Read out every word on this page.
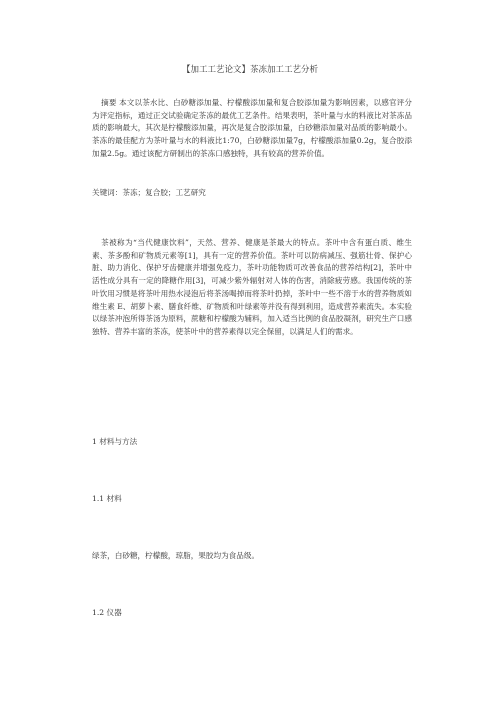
【加工工艺论文】茶冻加工工艺分析

摘要 本文以茶水比、白砂糖添加量、柠檬酸添加量和复合胶添加量为影响因素，以感官评分为评定指标，通过正交试验确定茶冻的最优工艺条件。结果表明，茶叶量与水的料液比对茶冻品质的影响最大，其次是柠檬酸添加量，再次是复合胶添加量，白砂糖添加量对品质的影响最小。茶冻的最佳配方为茶叶量与水的料液比1:70，白砂糖添加量7g，柠檬酸添加量0.2g，复合胶添加量2.5g。通过该配方研制出的茶冻口感独特，具有较高的营养价值。

关键词：茶冻；复合胶；工艺研究

茶被称为“当代健康饮料”，天然、营养、健康是茶最大的特点。茶叶中含有蛋白质、维生素、茶多酚和矿物质元素等[1]，具有一定的营养价值。茶叶可以防病减压、强筋壮骨、保护心脏、助力消化、保护牙齿健康并增强免疫力，茶叶功能物质可改善食品的营养结构[2]，茶叶中活性成分具有一定的降糖作用[3]，可减少紫外辐射对人体的伤害，消除疲劳感。我国传统的茶叶饮用习惯是将茶叶用热水浸泡后将茶汤喝掉而将茶叶扔掉，茶叶中一些不溶于水的营养物质如维生素 E、胡萝卜素、膳食纤维、矿物质和叶绿素等并没有得到利用，造成营养素流失。本实验以绿茶冲泡所得茶汤为原料，蔗糖和柠檬酸为辅料，加入适当比例的食品胶凝剂，研究生产口感独特、营养丰富的茶冻，使茶叶中的营养素得以完全保留，以满足人们的需求。

1 材料与方法
1.1 材料
绿茶，白砂糖，柠檬酸，琼脂，果胶均为食品级。
1.2 仪器
